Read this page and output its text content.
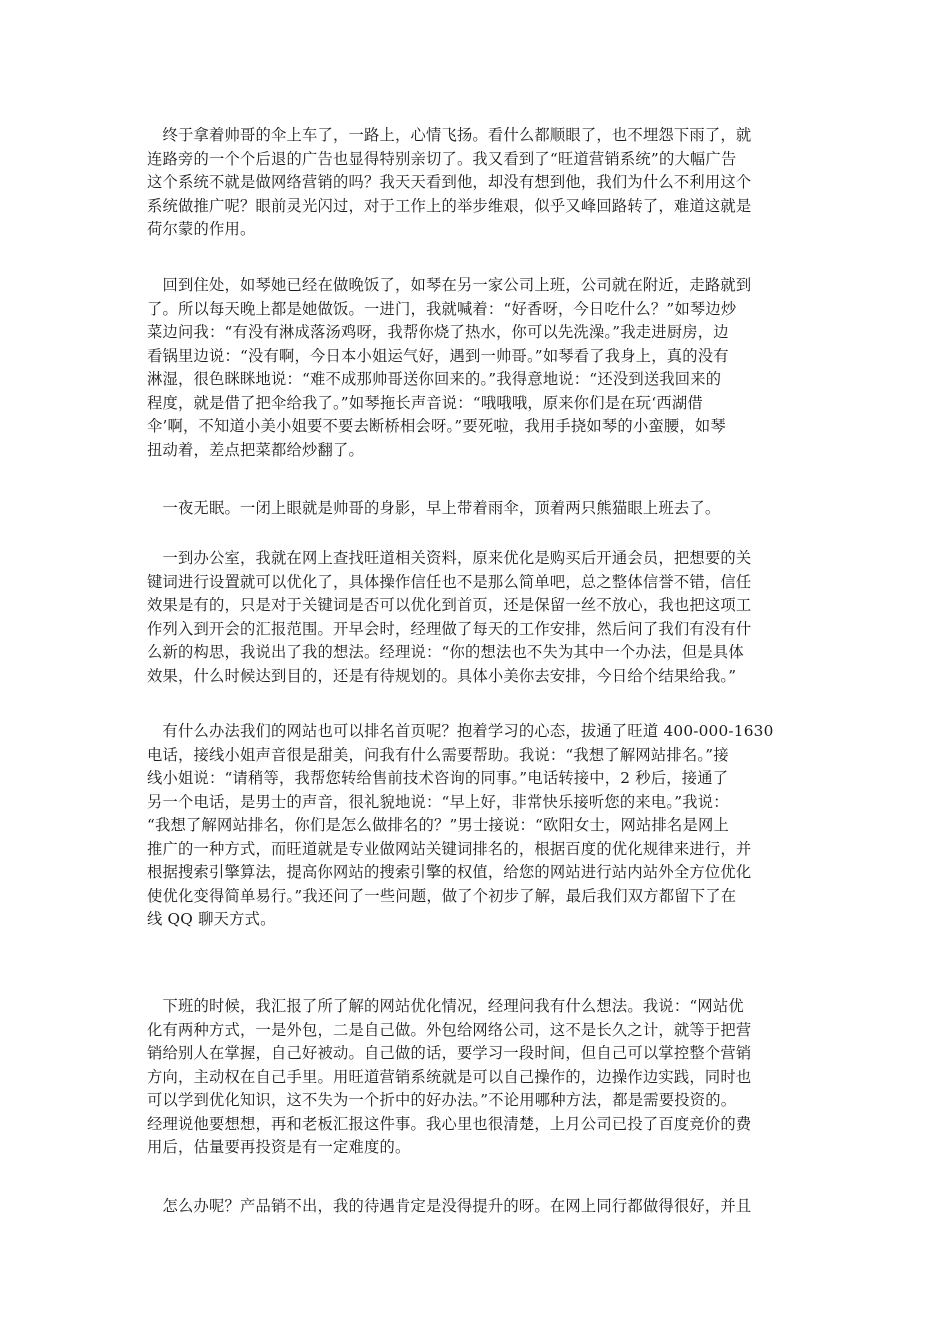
　终于拿着帅哥的伞上车了，一路上，心情飞扬。看什么都顺眼了，也不埋怨下雨了，就
连路旁的一个个后退的广告也显得特别亲切了。我又看到了“旺道营销系统”的大幅广告
这个系统不就是做网络营销的吗？我天天看到他，却没有想到他，我们为什么不利用这个
系统做推广呢？眼前灵光闪过，对于工作上的举步维艰，似乎又峰回路转了，难道这就是
荷尔蒙的作用。
　回到住处，如琴她已经在做晚饭了，如琴在另一家公司上班，公司就在附近，走路就到
了。所以每天晚上都是她做饭。一进门，我就喊着：“好香呀，今日吃什么？”如琴边炒
菜边问我：“有没有淋成落汤鸡呀，我帮你烧了热水，你可以先洗澡。”我走进厨房，边
看锅里边说：“没有啊，今日本小姐运气好，遇到一帅哥。”如琴看了我身上，真的没有
淋湿，很色眯眯地说：“难不成那帅哥送你回来的。”我得意地说：“还没到送我回来的
程度，就是借了把伞给我了。”如琴拖长声音说：“哦哦哦，原来你们是在玩‘西湖借
伞’啊，不知道小美小姐要不要去断桥相会呀。”要死啦，我用手挠如琴的小蛮腰，如琴
扭动着，差点把菜都给炒翻了。
　一夜无眠。一闭上眼就是帅哥的身影，早上带着雨伞，顶着两只熊猫眼上班去了。
　一到办公室，我就在网上查找旺道相关资料，原来优化是购买后开通会员，把想要的关
键词进行设置就可以优化了，具体操作信任也不是那么简单吧，总之整体信誉不错，信任
效果是有的，只是对于关键词是否可以优化到首页，还是保留一丝不放心，我也把这项工
作列入到开会的汇报范围。开早会时，经理做了每天的工作安排，然后问了我们有没有什
么新的构思，我说出了我的想法。经理说：“你的想法也不失为其中一个办法，但是具体
效果，什么时候达到目的，还是有待规划的。具体小美你去安排，今日给个结果给我。”
　有什么办法我们的网站也可以排名首页呢？抱着学习的心态，拔通了旺道 400-000-1630
电话，接线小姐声音很是甜美，问我有什么需要帮助。我说：“我想了解网站排名。”接
线小姐说：“请稍等，我帮您转给售前技术咨询的同事。”电话转接中，2 秒后，接通了
另一个电话，是男士的声音，很礼貌地说：“早上好，非常快乐接听您的来电。”我说：
“我想了解网站排名，你们是怎么做排名的？”男士接说：“欧阳女士，网站排名是网上
推广的一种方式，而旺道就是专业做网站关键词排名的，根据百度的优化规律来进行，并
根据搜索引擎算法，提高你网站的搜索引擎的权值，给您的网站进行站内站外全方位优化
使优化变得简单易行。”我还问了一些问题，做了个初步了解，最后我们双方都留下了在
线 QQ 聊天方式。
　下班的时候，我汇报了所了解的网站优化情况，经理问我有什么想法。我说：“网站优
化有两种方式，一是外包，二是自己做。外包给网络公司，这不是长久之计，就等于把营
销给别人在掌握，自己好被动。自己做的话，要学习一段时间，但自己可以掌控整个营销
方向，主动权在自己手里。用旺道营销系统就是可以自己操作的，边操作边实践，同时也
可以学到优化知识，这不失为一个折中的好办法。”不论用哪种方法，都是需要投资的。
经理说他要想想，再和老板汇报这件事。我心里也很清楚，上月公司已投了百度竞价的费
用后，估量要再投资是有一定难度的。
　怎么办呢？产品销不出，我的待遇肯定是没得提升的呀。在网上同行都做得很好，并且
